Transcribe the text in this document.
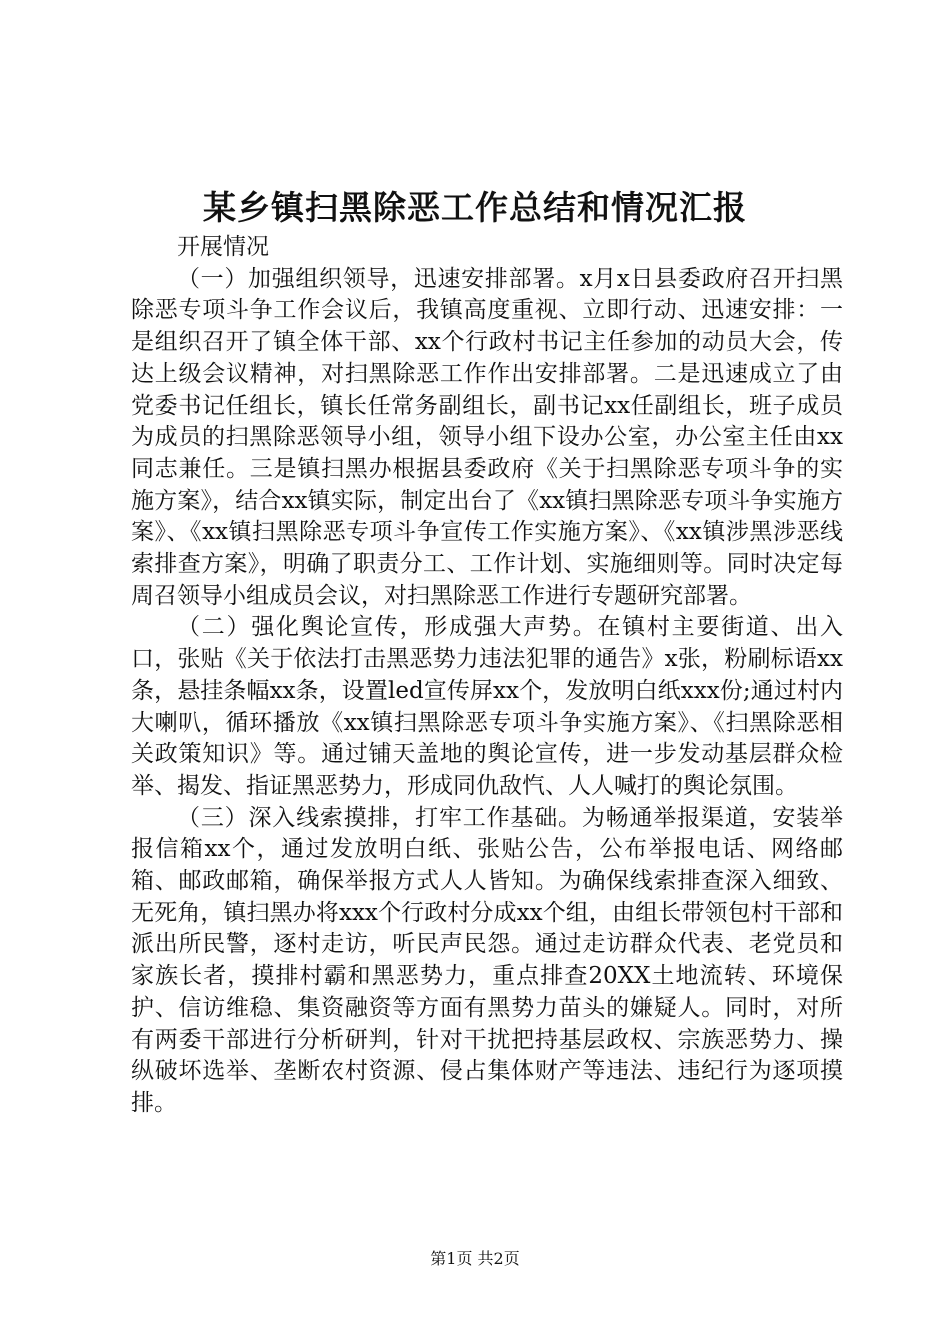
某乡镇扫黑除恶工作总结和情况汇报

开展情况

（一）加强组织领导，迅速安排部署。x月x日县委政府召开扫黑除恶专项斗争工作会议后，我镇高度重视、立即行动、迅速安排：一是组织召开了镇全体干部、xx个行政村书记主任参加的动员大会，传达上级会议精神，对扫黑除恶工作作出安排部署。二是迅速成立了由党委书记任组长，镇长任常务副组长，副书记xx任副组长，班子成员为成员的扫黑除恶领导小组，领导小组下设办公室，办公室主任由xx同志兼任。三是镇扫黑办根据县委政府《关于扫黑除恶专项斗争的实施方案》，结合xx镇实际，制定出台了《xx镇扫黑除恶专项斗争实施方案》、《xx镇扫黑除恶专项斗争宣传工作实施方案》、《xx镇涉黑涉恶线索排查方案》，明确了职责分工、工作计划、实施细则等。同时决定每周召领导小组成员会议，对扫黑除恶工作进行专题研究部署。

（二）强化舆论宣传，形成强大声势。在镇村主要街道、出入口，张贴《关于依法打击黑恶势力违法犯罪的通告》x张，粉刷标语xx条，悬挂条幅xx条，设置led宣传屏xx个，发放明白纸xxx份;通过村内大喇叭，循环播放《xx镇扫黑除恶专项斗争实施方案》、《扫黑除恶相关政策知识》等。通过铺天盖地的舆论宣传，进一步发动基层群众检举、揭发、指证黑恶势力，形成同仇敌忾、人人喊打的舆论氛围。

（三）深入线索摸排，打牢工作基础。为畅通举报渠道，安装举报信箱xx个，通过发放明白纸、张贴公告，公布举报电话、网络邮箱、邮政邮箱，确保举报方式人人皆知。为确保线索排查深入细致、无死角，镇扫黑办将xxx个行政村分成xx个组，由组长带领包村干部和派出所民警，逐村走访，听民声民怨。通过走访群众代表、老党员和家族长者，摸排村霸和黑恶势力，重点排查20XX土地流转、环境保护、信访维稳、集资融资等方面有黑势力苗头的嫌疑人。同时，对所有两委干部进行分析研判，针对干扰把持基层政权、宗族恶势力、操纵破坏选举、垄断农村资源、侵占集体财产等违法、违纪行为逐项摸排。

第1页 共2页
